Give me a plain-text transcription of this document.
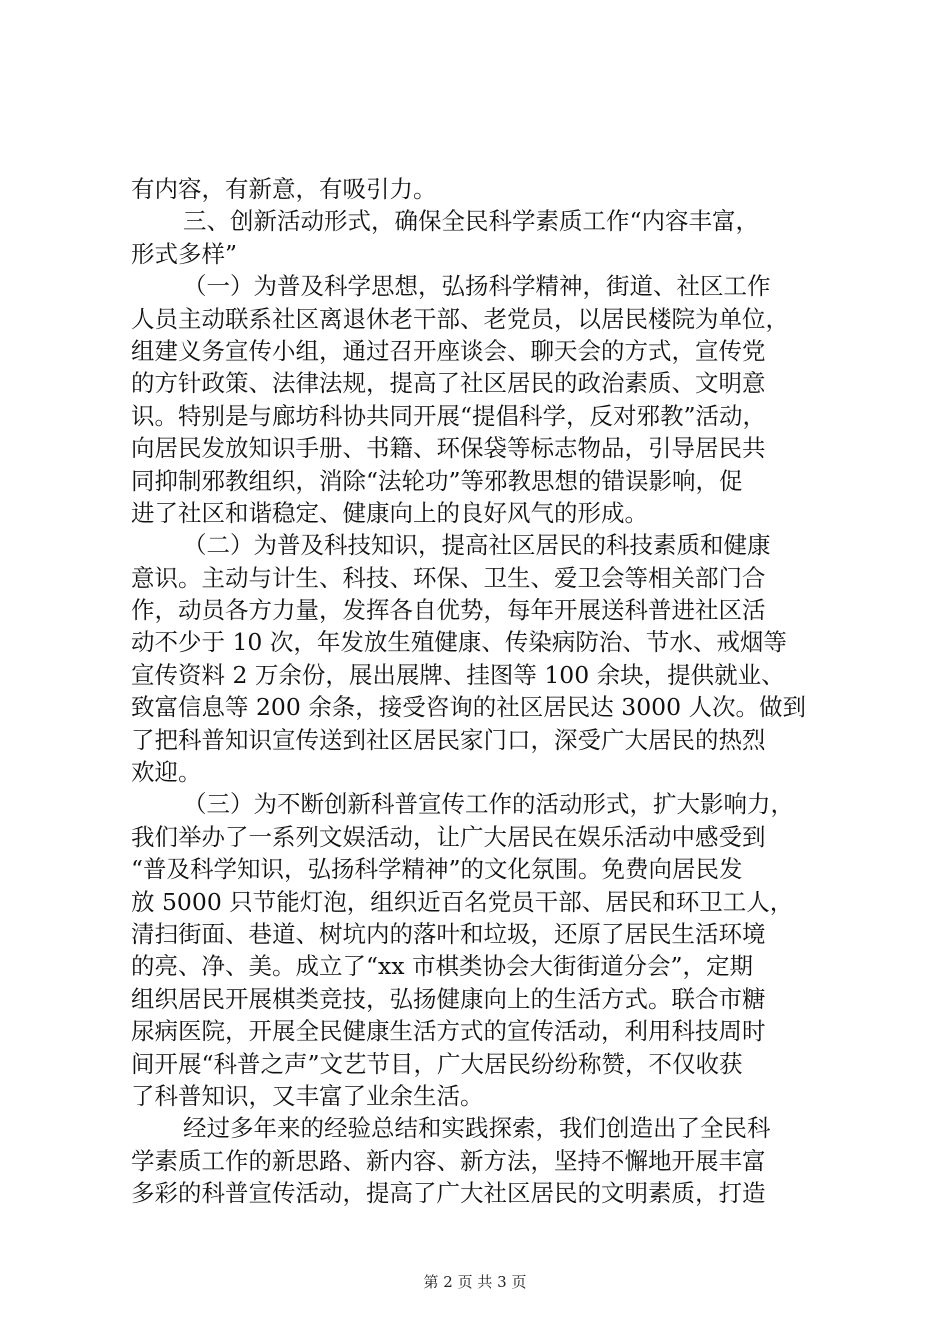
有内容，有新意，有吸引力。
三、创新活动形式，确保全民科学素质工作“内容丰富，
形式多样”
（一）为普及科学思想，弘扬科学精神，街道、社区工作
人员主动联系社区离退休老干部、老党员，以居民楼院为单位，
组建义务宣传小组，通过召开座谈会、聊天会的方式，宣传党
的方针政策、法律法规，提高了社区居民的政治素质、文明意
识。特别是与廊坊科协共同开展“提倡科学，反对邪教”活动，
向居民发放知识手册、书籍、环保袋等标志物品，引导居民共
同抑制邪教组织，消除“法轮功”等邪教思想的错误影响，促
进了社区和谐稳定、健康向上的良好风气的形成。
（二）为普及科技知识，提高社区居民的科技素质和健康
意识。主动与计生、科技、环保、卫生、爱卫会等相关部门合
作，动员各方力量，发挥各自优势，每年开展送科普进社区活
动不少于 10 次，年发放生殖健康、传染病防治、节水、戒烟等
宣传资料 2 万余份，展出展牌、挂图等 100 余块，提供就业、
致富信息等 200 余条，接受咨询的社区居民达 3000 人次。做到
了把科普知识宣传送到社区居民家门口，深受广大居民的热烈
欢迎。
（三）为不断创新科普宣传工作的活动形式，扩大影响力，
我们举办了一系列文娱活动，让广大居民在娱乐活动中感受到
“普及科学知识，弘扬科学精神”的文化氛围。免费向居民发
放 5000 只节能灯泡，组织近百名党员干部、居民和环卫工人，
清扫街面、巷道、树坑内的落叶和垃圾，还原了居民生活环境
的亮、净、美。成立了“xx 市棋类协会大街街道分会”，定期
组织居民开展棋类竞技，弘扬健康向上的生活方式。联合市糖
尿病医院，开展全民健康生活方式的宣传活动，利用科技周时
间开展“科普之声”文艺节目，广大居民纷纷称赞，不仅收获
了科普知识，又丰富了业余生活。
经过多年来的经验总结和实践探索，我们创造出了全民科
学素质工作的新思路、新内容、新方法，坚持不懈地开展丰富
多彩的科普宣传活动，提高了广大社区居民的文明素质，打造
第 2 页 共 3 页
